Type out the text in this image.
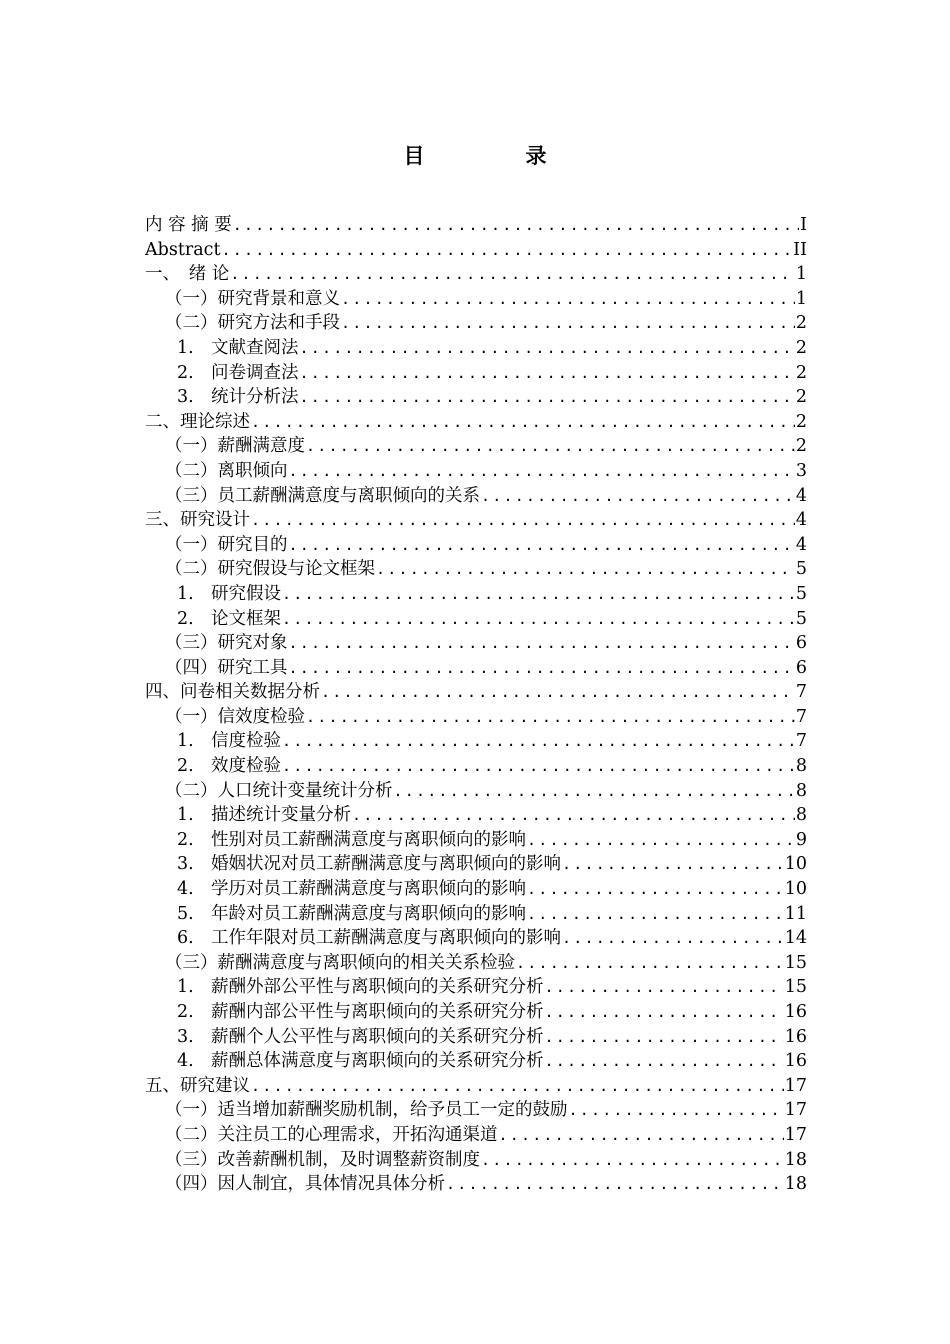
目　录
内 容 摘 要 .....	I
Abstract .....	II
一、　绪 论 .....	1
（一）研究背景和意义 .....	1
（二）研究方法和手段 .....	2
1. 文献查阅法 .....	2
2. 问卷调查法 .....	2
3. 统计分析法 .....	2
二、理论综述 .....	2
（一）薪酬满意度 .....	2
（二）离职倾向 .....	3
（三）员工薪酬满意度与离职倾向的关系 .....	4
三、研究设计 .....	4
（一）研究目的 .....	4
（二）研究假设与论文框架 .....	5
1. 研究假设 .....	5
2. 论文框架 .....	5
（三）研究对象 .....	6
（四）研究工具 .....	6
四、问卷相关数据分析 .....	7
（一）信效度检验 .....	7
1. 信度检验 .....	7
2. 效度检验 .....	8
（二）人口统计变量统计分析 .....	8
1. 描述统计变量分析 .....	8
2. 性别对员工薪酬满意度与离职倾向的影响 .....	9
3. 婚姻状况对员工薪酬满意度与离职倾向的影响 .....	10
4. 学历对员工薪酬满意度与离职倾向的影响 .....	10
5. 年龄对员工薪酬满意度与离职倾向的影响 .....	11
6. 工作年限对员工薪酬满意度与离职倾向的影响 .....	14
（三）薪酬满意度与离职倾向的相关关系检验 .....	15
1. 薪酬外部公平性与离职倾向的关系研究分析 .....	15
2. 薪酬内部公平性与离职倾向的关系研究分析 .....	16
3. 薪酬个人公平性与离职倾向的关系研究分析 .....	16
4. 薪酬总体满意度与离职倾向的关系研究分析 .....	16
五、研究建议 .....	17
（一）适当增加薪酬奖励机制，给予员工一定的鼓励 .....	17
（二）关注员工的心理需求，开拓沟通渠道 .....	17
（三）改善薪酬机制，及时调整薪资制度 .....	18
（四）因人制宜，具体情况具体分析 .....	18
